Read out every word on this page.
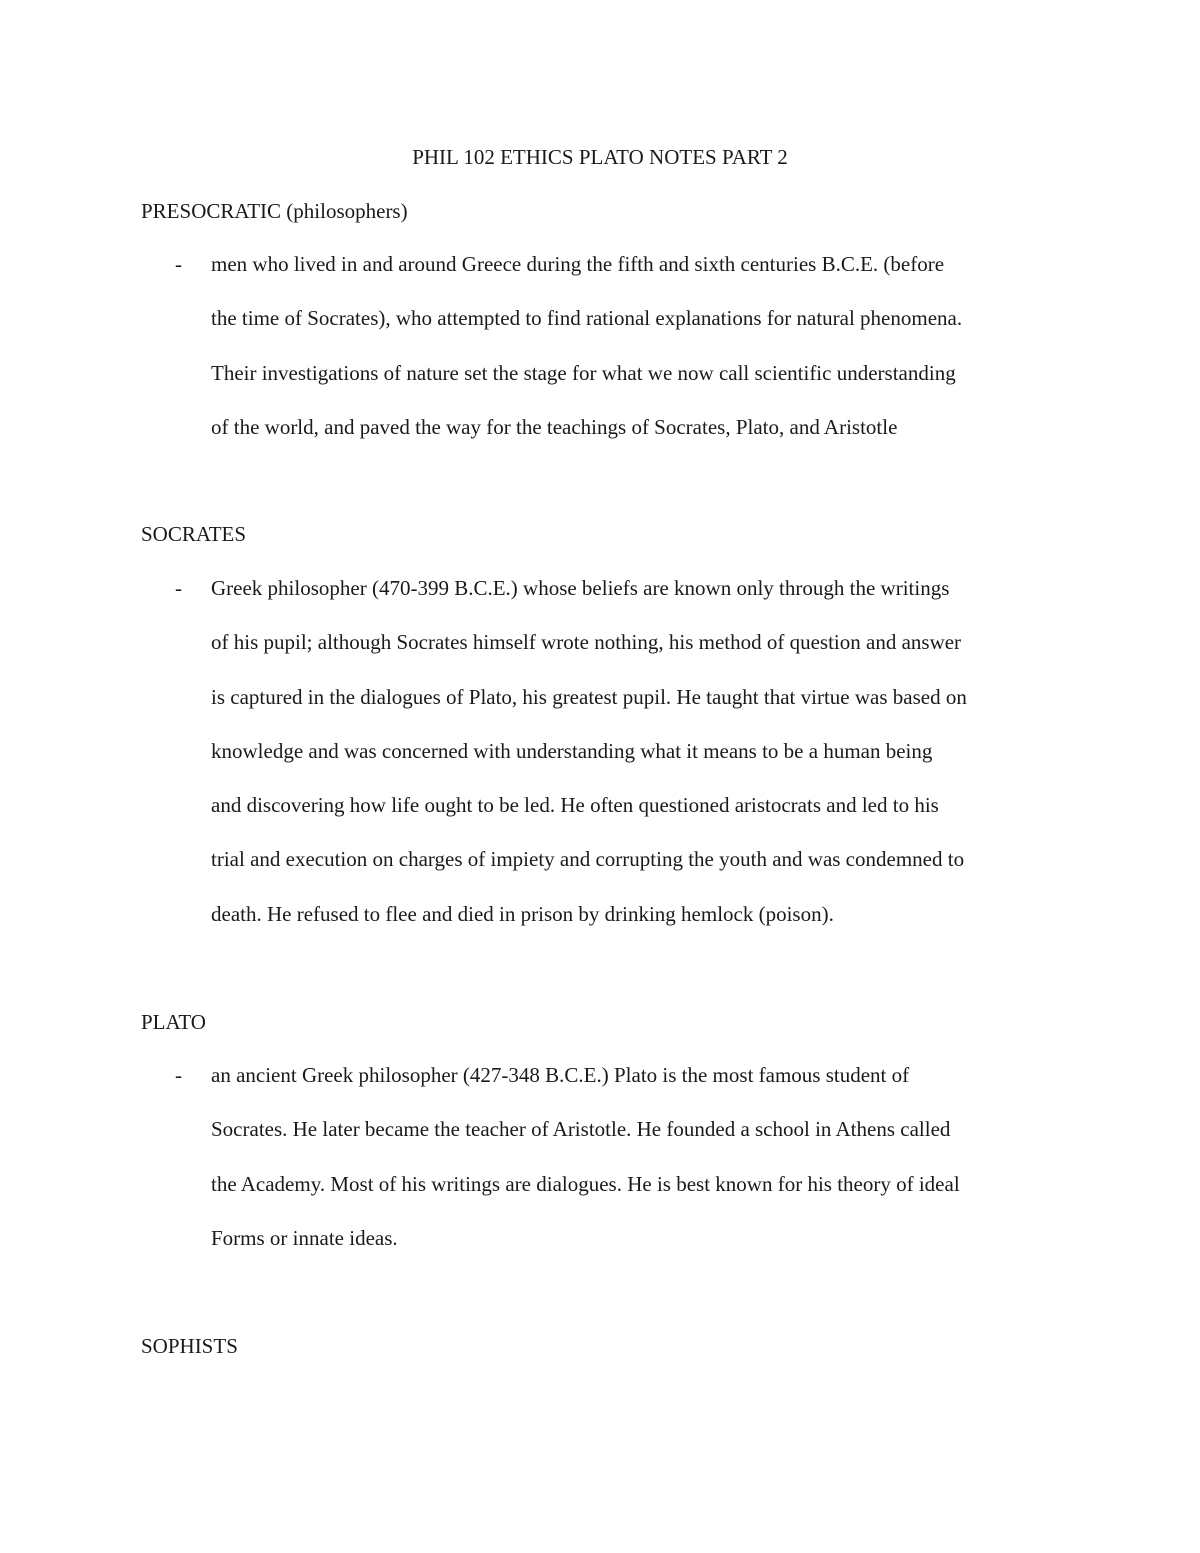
PHIL 102 ETHICS PLATO NOTES PART 2
PRESOCRATIC (philosophers)
- men who lived in and around Greece during the fifth and sixth centuries B.C.E. (before
the time of Socrates), who attempted to find rational explanations for natural phenomena.
Their investigations of nature set the stage for what we now call scientific understanding
of the world, and paved the way for the teachings of Socrates, Plato, and Aristotle
SOCRATES
- Greek philosopher (470-399 B.C.E.) whose beliefs are known only through the writings
of his pupil; although Socrates himself wrote nothing, his method of question and answer
is captured in the dialogues of Plato, his greatest pupil. He taught that virtue was based on
knowledge and was concerned with understanding what it means to be a human being
and discovering how life ought to be led. He often questioned aristocrats and led to his
trial and execution on charges of impiety and corrupting the youth and was condemned to
death. He refused to flee and died in prison by drinking hemlock (poison).
PLATO
- an ancient Greek philosopher (427-348 B.C.E.) Plato is the most famous student of
Socrates. He later became the teacher of Aristotle. He founded a school in Athens called
the Academy. Most of his writings are dialogues. He is best known for his theory of ideal
Forms or innate ideas.
SOPHISTS
